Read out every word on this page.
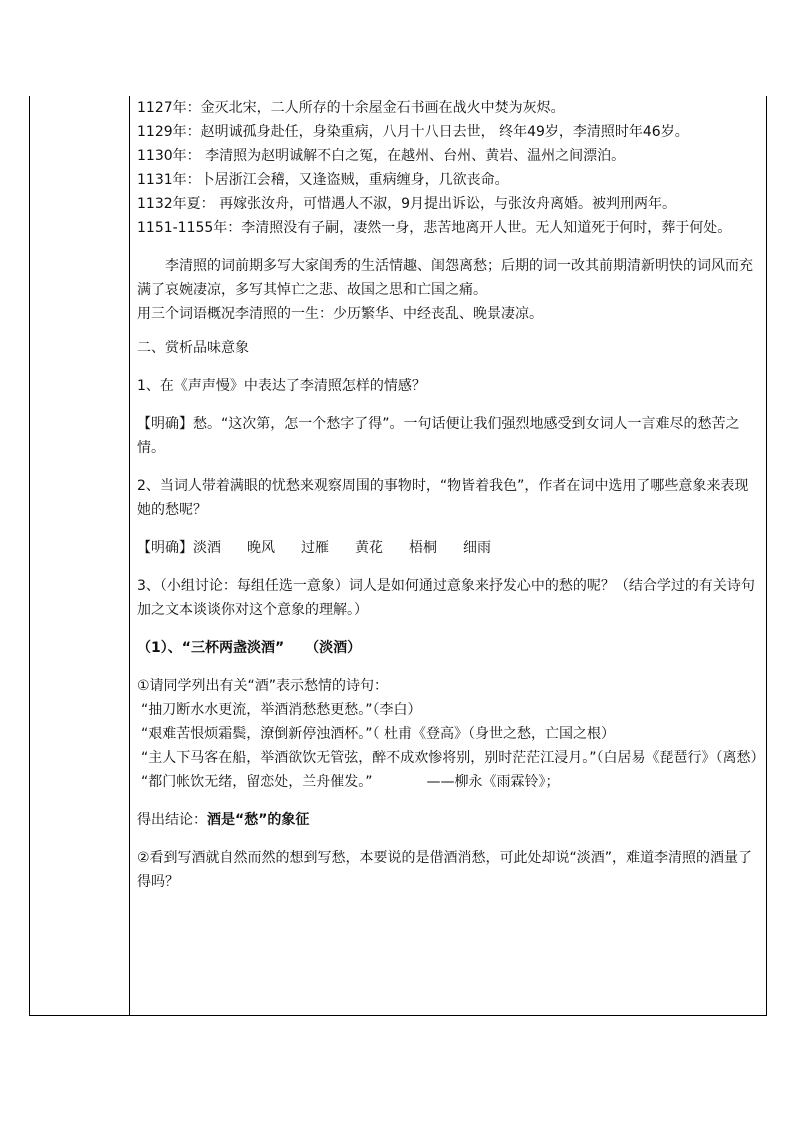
1127年：金灭北宋，二人所存的十余屋金石书画在战火中焚为灰烬。

1129年：赵明诚孤身赴任，身染重病，八月十八日去世， 终年49岁，李清照时年46岁。

1130年： 李清照为赵明诚解不白之冤，在越州、台州、黄岩、温州之间漂泊。

1131年：卜居浙江会稽，又逢盗贼，重病缠身，几欲丧命。

1132年夏： 再嫁张汝舟，可惜遇人不淑，9月提出诉讼，与张汝舟离婚。被判刑两年。

1151-1155年：李清照没有子嗣，凄然一身，悲苦地离开人世。无人知道死于何时，葬于何处。

李清照的词前期多写大家闺秀的生活情趣、闺怨离愁；后期的词一改其前期清新明快的词风而充满了哀婉凄凉，多写其悼亡之悲、故国之思和亡国之痛。

用三个词语概况李清照的一生：少历繁华、中经丧乱、晚景凄凉。

二、赏析品味意象

1、在《声声慢》中表达了李清照怎样的情感？

【明确】愁。“这次第，怎一个愁字了得”。一句话便让我们强烈地感受到女词人一言难尽的愁苦之情。

2、当词人带着满眼的忧愁来观察周围的事物时，“物皆着我色”，作者在词中选用了哪些意象来表现她的愁呢？

【明确】淡酒 晚风 过雁 黄花 梧桐 细雨

3、（小组讨论：每组任选一意象）词人是如何通过意象来抒发心中的愁的呢？（结合学过的有关诗句加之文本谈谈你对这个意象的理解。）

（1）、“三杯两盏淡酒”　　（淡酒）

①请同学列出有关“酒”表示愁情的诗句：

“抽刀断水水更流，举酒消愁愁更愁。”（李白）

“艰难苦恨烦霜鬓，潦倒新停浊酒杯。”（ 杜甫《登高》（身世之愁，亡国之根）

“主人下马客在船，举酒欲饮无管弦，醉不成欢惨将别，别时茫茫江浸月。”（白居易《琵琶行》（离愁）

“都门帐饮无绪，留恋处，兰舟催发。”	——柳永《雨霖铃》；

得出结论：酒是“愁”的象征

②看到写酒就自然而然的想到写愁，本要说的是借酒消愁，可此处却说“淡酒”，难道李清照的酒量了得吗？
